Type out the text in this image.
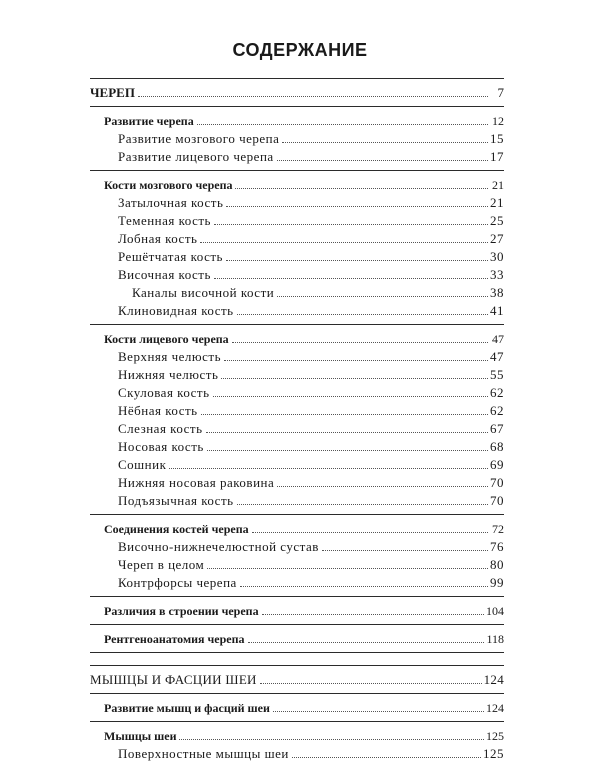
СОДЕРЖАНИЕ
ЧЕРЕП	7
Развитие черепа	12
Развитие мозгового черепа	15
Развитие лицевого черепа	17
Кости мозгового черепа	21
Затылочная кость	21
Теменная кость	25
Лобная кость	27
Решётчатая кость	30
Височная кость	33
Каналы височной кости	38
Клиновидная кость	41
Кости лицевого черепа	47
Верхняя челюсть	47
Нижняя челюсть	55
Скуловая кость	62
Нёбная кость	62
Слезная кость	67
Носовая кость	68
Сошник	69
Нижняя носовая раковина	70
Подъязычная кость	70
Соединения костей черепа	72
Височно-нижнечелюстной сустав	76
Череп в целом	80
Контрфорсы черепа	99
Различия в строении черепа	104
Рентгеноанатомия черепа	118
МЫШЦЫ И ФАСЦИИ ШЕИ	124
Развитие мышц и фасций шеи	124
Мышцы шеи	125
Поверхностные мышцы шеи	125
